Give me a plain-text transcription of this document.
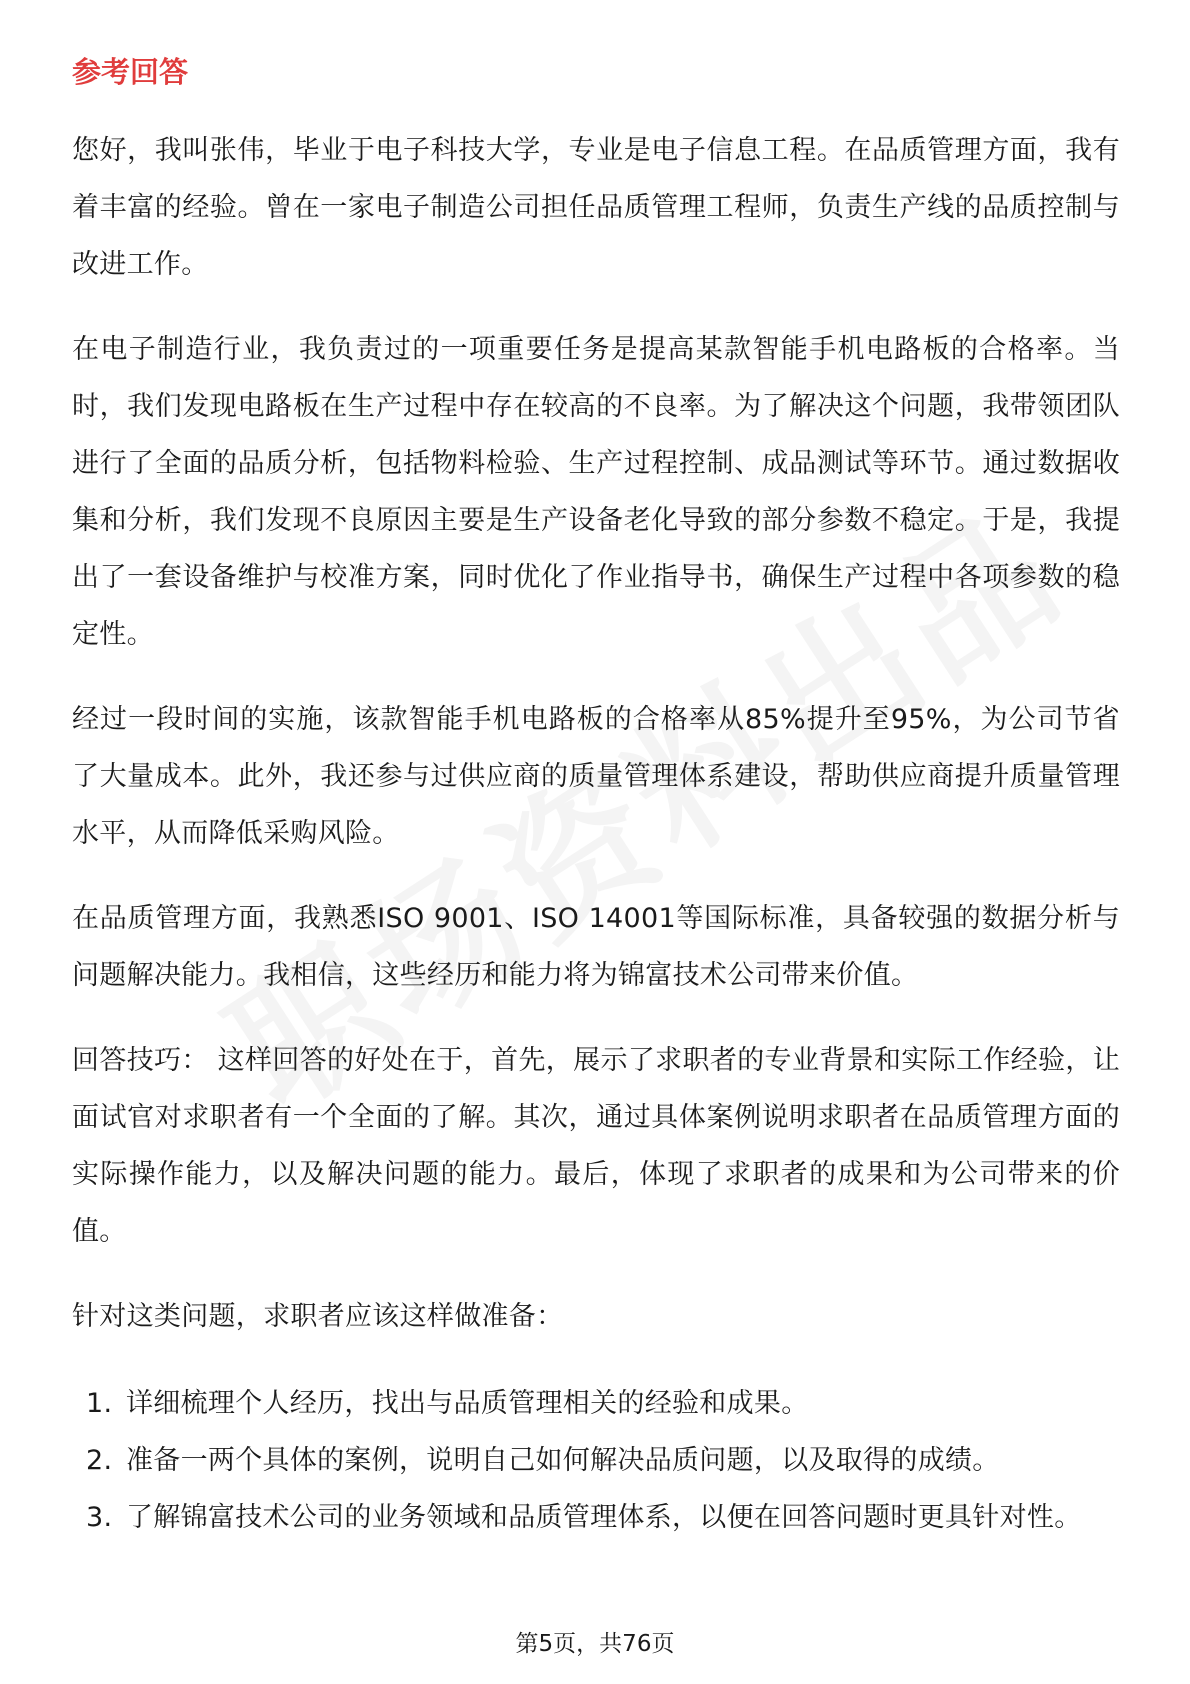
参考回答

您好，我叫张伟，毕业于电子科技大学，专业是电子信息工程。在品质管理方面，我有着丰富的经验。曾在一家电子制造公司担任品质管理工程师，负责生产线的品质控制与改进工作。

在电子制造行业，我负责过的一项重要任务是提高某款智能手机电路板的合格率。当时，我们发现电路板在生产过程中存在较高的不良率。为了解决这个问题，我带领团队进行了全面的品质分析，包括物料检验、生产过程控制、成品测试等环节。通过数据收集和分析，我们发现不良原因主要是生产设备老化导致的部分参数不稳定。于是，我提出了一套设备维护与校准方案，同时优化了作业指导书，确保生产过程中各项参数的稳定性。

经过一段时间的实施，该款智能手机电路板的合格率从85%提升至95%，为公司节省了大量成本。此外，我还参与过供应商的质量管理体系建设，帮助供应商提升质量管理水平，从而降低采购风险。

在品质管理方面，我熟悉ISO 9001、ISO 14001等国际标准，具备较强的数据分析与问题解决能力。我相信，这些经历和能力将为锦富技术公司带来价值。

回答技巧： 这样回答的好处在于，首先，展示了求职者的专业背景和实际工作经验，让面试官对求职者有一个全面的了解。其次，通过具体案例说明求职者在品质管理方面的实际操作能力，以及解决问题的能力。最后，体现了求职者的成果和为公司带来的价值。

针对这类问题，求职者应该这样做准备：

1. 详细梳理个人经历，找出与品质管理相关的经验和成果。
2. 准备一两个具体的案例，说明自己如何解决品质问题，以及取得的成绩。
3. 了解锦富技术公司的业务领域和品质管理体系，以便在回答问题时更具针对性。
第5页，共76页
